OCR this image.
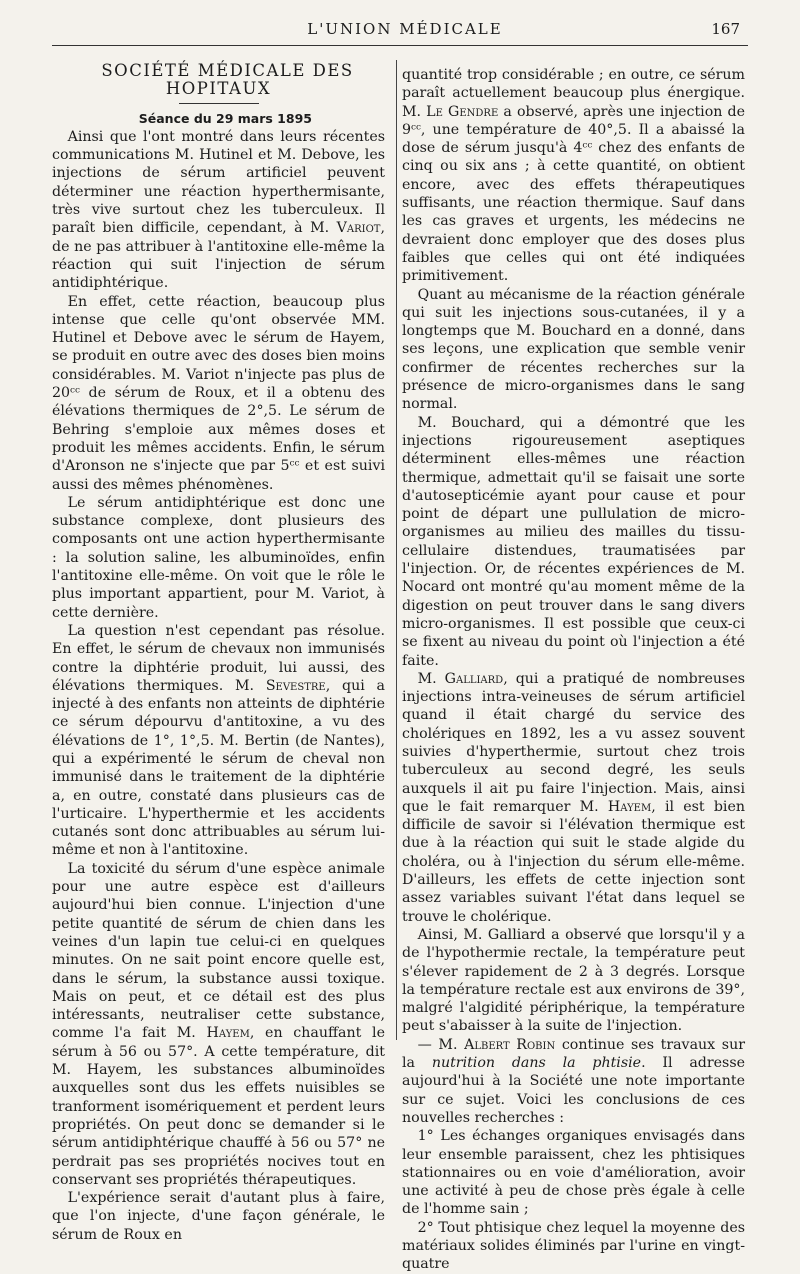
L'UNION MÉDICALE	167

SOCIÉTÉ MÉDICALE DES HOPITAUX

Séance du 29 mars 1895

Ainsi que l'ont montré dans leurs récentes communications M. Hutinel et M. Debove, les injections de sérum artificiel peuvent déterminer une réaction hyperthermisante, très vive surtout chez les tuberculeux. Il paraît bien difficile, cependant, à M. Variot, de ne pas attribuer à l'antitoxine elle-même la réaction qui suit l'injection de sérum antidiphtérique.

En effet, cette réaction, beaucoup plus intense que celle qu'ont observée MM. Hutinel et Debove avec le sérum de Hayem, se produit en outre avec des doses bien moins considérables. M. Variot n'injecte pas plus de 20ᶜᶜ de sérum de Roux, et il a obtenu des élévations thermiques de 2°,5. Le sérum de Behring s'emploie aux mêmes doses et produit les mêmes accidents. Enfin, le sérum d'Aronson ne s'injecte que par 5ᶜᶜ et est suivi aussi des mêmes phénomènes.

Le sérum antidiphtérique est donc une substance complexe, dont plusieurs des composants ont une action hyperthermisante : la solution saline, les albuminoïdes, enfin l'antitoxine elle-même. On voit que le rôle le plus important appartient, pour M. Variot, à cette dernière.

La question n'est cependant pas résolue. En effet, le sérum de chevaux non immunisés contre la diphtérie produit, lui aussi, des élévations thermiques. M. Sevestre, qui a injecté à des enfants non atteints de diphtérie ce sérum dépourvu d'antitoxine, a vu des élévations de 1°, 1°,5. M. Bertin (de Nantes), qui a expérimenté le sérum de cheval non immunisé dans le traitement de la diphtérie a, en outre, constaté dans plusieurs cas de l'urticaire. L'hyperthermie et les accidents cutanés sont donc attribuables au sérum lui-même et non à l'antitoxine.

La toxicité du sérum d'une espèce animale pour une autre espèce est d'ailleurs aujourd'hui bien connue. L'injection d'une petite quantité de sérum de chien dans les veines d'un lapin tue celui-ci en quelques minutes. On ne sait point encore quelle est, dans le sérum, la substance aussi toxique. Mais on peut, et ce détail est des plus intéressants, neutraliser cette substance, comme l'a fait M. Hayem, en chauffant le sérum à 56 ou 57°. A cette température, dit M. Hayem, les substances albuminoïdes auxquelles sont dus les effets nuisibles se tranforment isomériquement et perdent leurs propriétés. On peut donc se demander si le sérum antidiphtérique chauffé à 56 ou 57° ne perdrait pas ses propriétés nocives tout en conservant ses propriétés thérapeutiques.

L'expérience serait d'autant plus à faire, que l'on injecte, d'une façon générale, le sérum de Roux en

quantité trop considérable ; en outre, ce sérum paraît actuellement beaucoup plus énergique. M. Le Gendre a observé, après une injection de 9ᶜᶜ, une température de 40°,5. Il a abaissé la dose de sérum jusqu'à 4ᶜᶜ chez des enfants de cinq ou six ans ; à cette quantité, on obtient encore, avec des effets thérapeutiques suffisants, une réaction thermique. Sauf dans les cas graves et urgents, les médecins ne devraient donc employer que des doses plus faibles que celles qui ont été indiquées primitivement.

Quant au mécanisme de la réaction générale qui suit les injections sous-cutanées, il y a longtemps que M. Bouchard en a donné, dans ses leçons, une explication que semble venir confirmer de récentes recherches sur la présence de micro-organismes dans le sang normal.

M. Bouchard, qui a démontré que les injections rigoureusement aseptiques déterminent elles-mêmes une réaction thermique, admettait qu'il se faisait une sorte d'autosepticémie ayant pour cause et pour point de départ une pullulation de micro-organismes au milieu des mailles du tissu-cellulaire distendues, traumatisées par l'injection. Or, de récentes expériences de M. Nocard ont montré qu'au moment même de la digestion on peut trouver dans le sang divers micro-organismes. Il est possible que ceux-ci se fixent au niveau du point où l'injection a été faite.

M. Galliard, qui a pratiqué de nombreuses injections intra-veineuses de sérum artificiel quand il était chargé du service des cholériques en 1892, les a vu assez souvent suivies d'hyperthermie, surtout chez trois tuberculeux au second degré, les seuls auxquels il ait pu faire l'injection. Mais, ainsi que le fait remarquer M. Hayem, il est bien difficile de savoir si l'élévation thermique est due à la réaction qui suit le stade algide du choléra, ou à l'injection du sérum elle-même. D'ailleurs, les effets de cette injection sont assez variables suivant l'état dans lequel se trouve le cholérique.

Ainsi, M. Galliard a observé que lorsqu'il y a de l'hypothermie rectale, la température peut s'élever rapidement de 2 à 3 degrés. Lorsque la température rectale est aux environs de 39°, malgré l'algidité périphérique, la température peut s'abaisser à la suite de l'injection.

— M. Albert Robin continue ses travaux sur la nutrition dans la phtisie. Il adresse aujourd'hui à la Société une note importante sur ce sujet. Voici les conclusions de ces nouvelles recherches :

1° Les échanges organiques envisagés dans leur ensemble paraissent, chez les phtisiques stationnaires ou en voie d'amélioration, avoir une activité à peu de chose près égale à celle de l'homme sain ;

2° Tout phtisique chez lequel la moyenne des matériaux solides éliminés par l'urine en vingt-quatre
